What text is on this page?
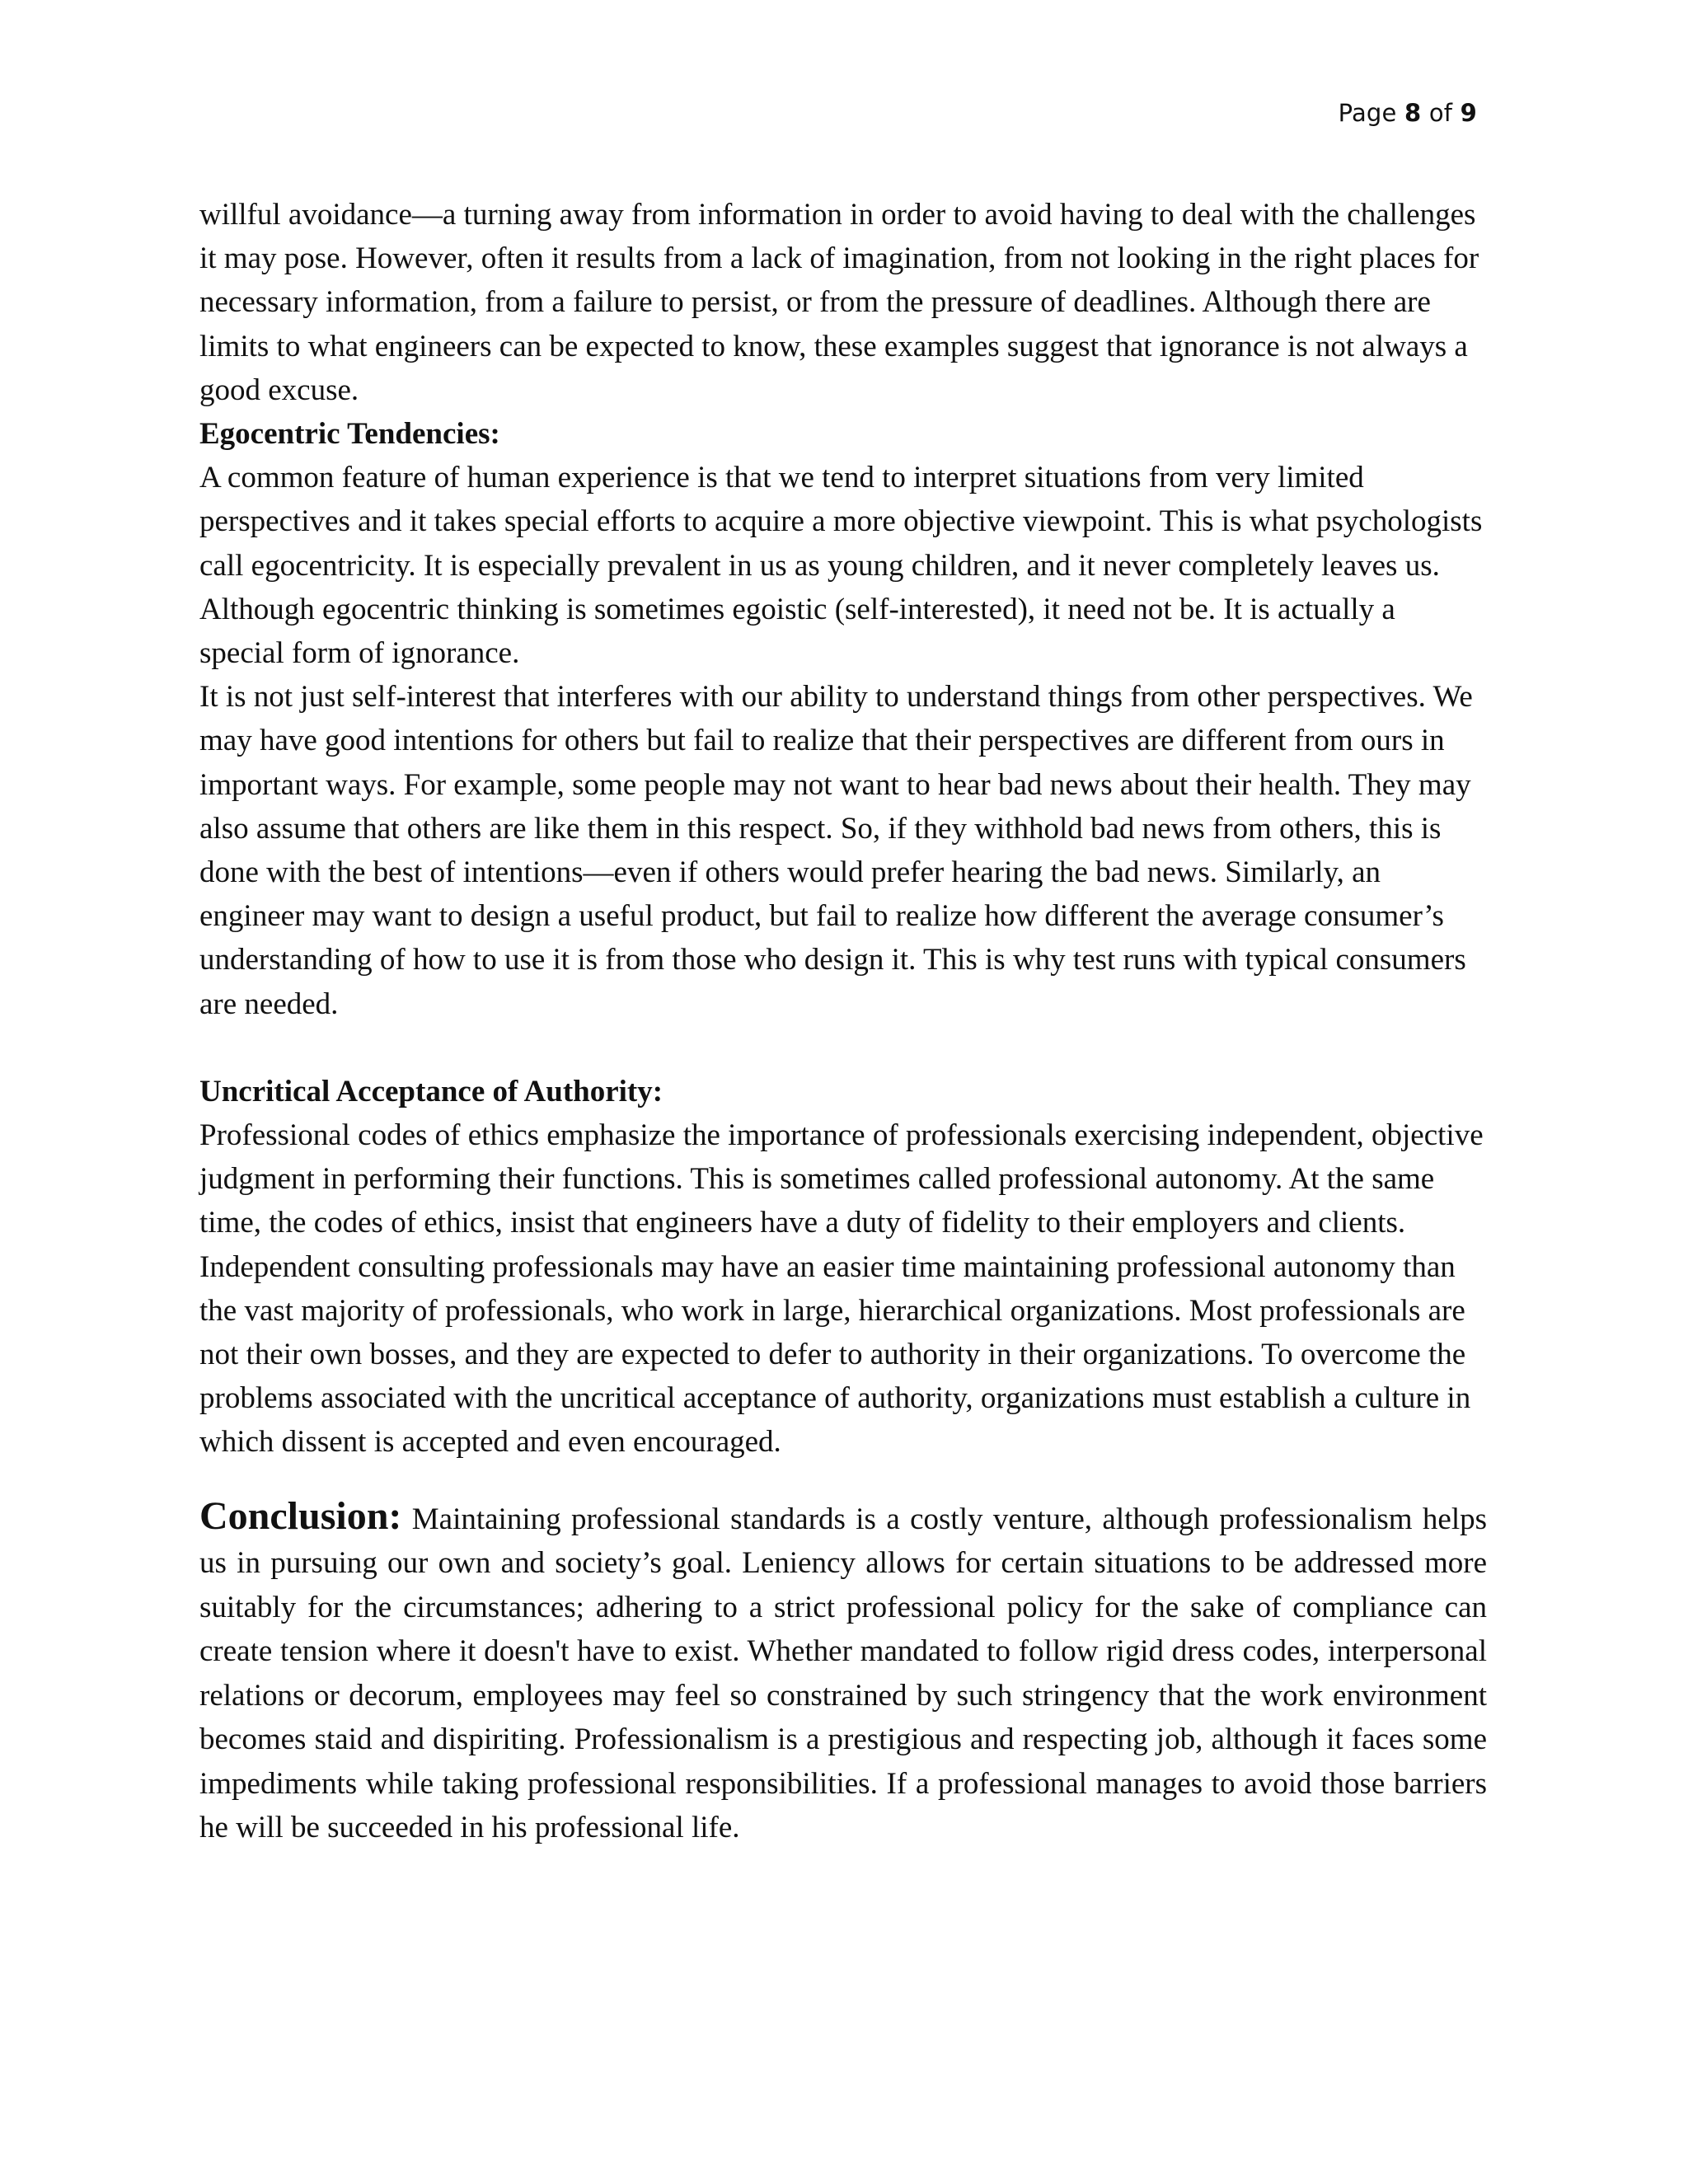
Page 8 of 9

willful avoidance—a turning away from information in order to avoid having to deal with the challenges it may pose. However, often it results from a lack of imagination, from not looking in the right places for necessary information, from a failure to persist, or from the pressure of deadlines. Although there are limits to what engineers can be expected to know, these examples suggest that ignorance is not always a good excuse.

Egocentric Tendencies:

A common feature of human experience is that we tend to interpret situations from very limited perspectives and it takes special efforts to acquire a more objective viewpoint. This is what psychologists call egocentricity. It is especially prevalent in us as young children, and it never completely leaves us. Although egocentric thinking is sometimes egoistic (self-interested), it need not be. It is actually a special form of ignorance.

It is not just self-interest that interferes with our ability to understand things from other perspectives. We may have good intentions for others but fail to realize that their perspectives are different from ours in important ways. For example, some people may not want to hear bad news about their health. They may also assume that others are like them in this respect. So, if they withhold bad news from others, this is done with the best of intentions—even if others would prefer hearing the bad news. Similarly, an engineer may want to design a useful product, but fail to realize how different the average consumer’s understanding of how to use it is from those who design it. This is why test runs with typical consumers are needed.

Uncritical Acceptance of Authority:

Professional codes of ethics emphasize the importance of professionals exercising independent, objective judgment in performing their functions. This is sometimes called professional autonomy. At the same time, the codes of ethics, insist that engineers have a duty of fidelity to their employers and clients. Independent consulting professionals may have an easier time maintaining professional autonomy than the vast majority of professionals, who work in large, hierarchical organizations. Most professionals are not their own bosses, and they are expected to defer to authority in their organizations. To overcome the problems associated with the uncritical acceptance of authority, organizations must establish a culture in which dissent is accepted and even encouraged.

Conclusion: Maintaining professional standards is a costly venture, although professionalism helps us in pursuing our own and society’s goal. Leniency allows for certain situations to be addressed more suitably for the circumstances; adhering to a strict professional policy for the sake of compliance can create tension where it doesn't have to exist. Whether mandated to follow rigid dress codes, interpersonal relations or decorum, employees may feel so constrained by such stringency that the work environment becomes staid and dispiriting. Professionalism is a prestigious and respecting job, although it faces some impediments while taking professional responsibilities. If a professional manages to avoid those barriers he will be succeeded in his professional life.
